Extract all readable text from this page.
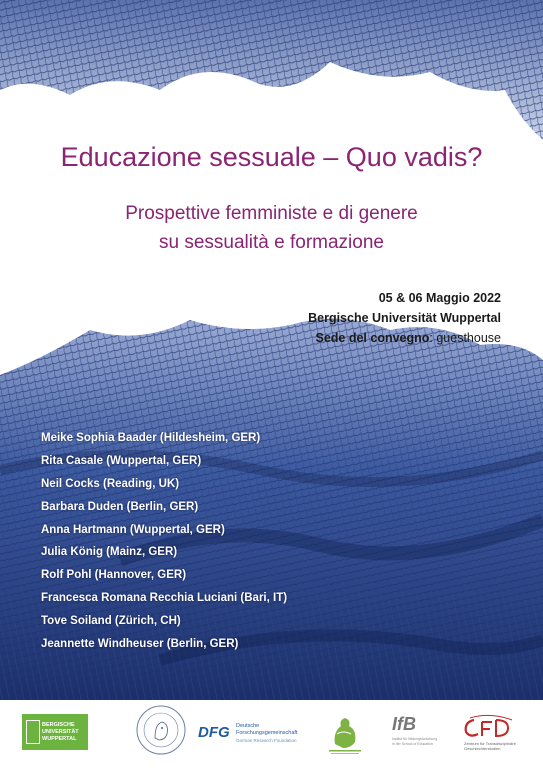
Educazione sessuale – Quo vadis?
Prospettive femministe e di genere
su sessualità e formazione
05 & 06 Maggio 2022
Bergische Universität Wuppertal
Sede del convegno: guesthouse
Meike Sophia Baader (Hildesheim, GER)
Rita Casale (Wuppertal, GER)
Neil Cocks (Reading, UK)
Barbara Duden (Berlin, GER)
Anna Hartmann (Wuppertal, GER)
Julia König (Mainz, GER)
Rolf Pohl (Hannover, GER)
Francesca Romana Recchia Luciani (Bari, IT)
Tove Soiland (Zürich, CH)
Jeannette Windheuser (Berlin, GER)
BERGISCHE
UNIVERSITÄT
WUPPERTAL	DFG Deutsche
Forschungsgemeinschaft
German Research Foundation
IfB
Institut für Bildungsforschung in der School of Education	Zentrum für Transdisziplinäre Geschlechterstudien
